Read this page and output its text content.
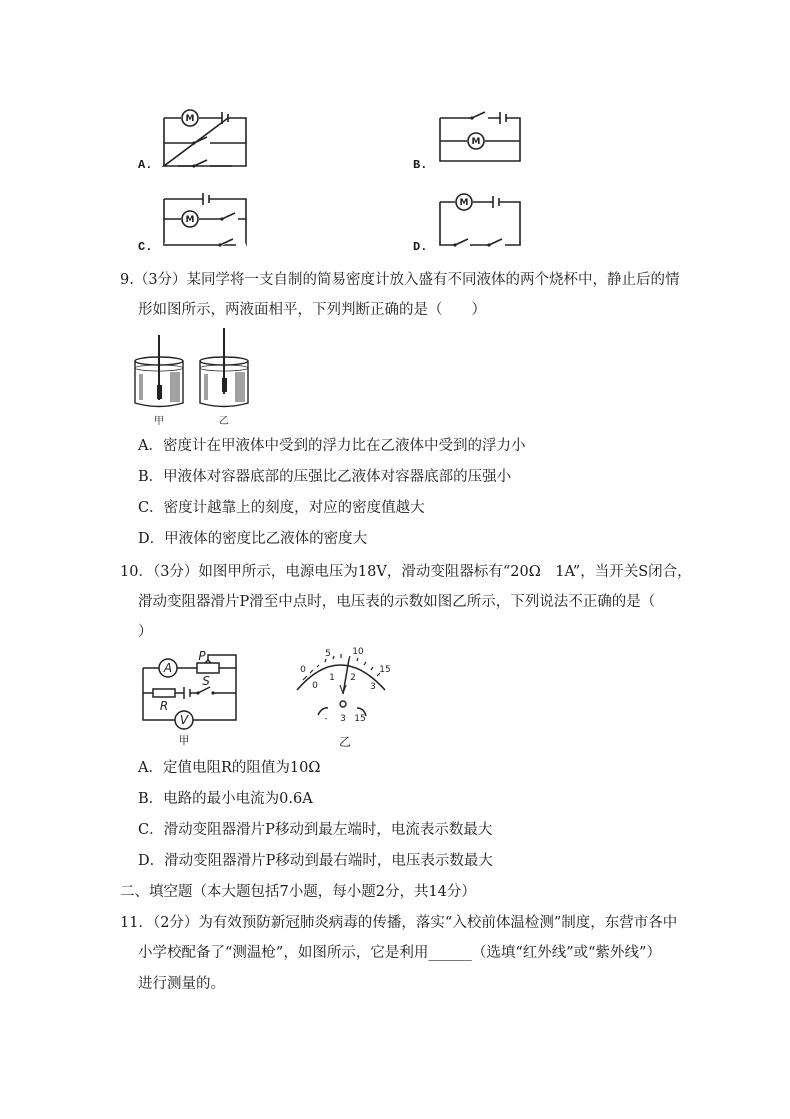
M
M
M
M
A.	B.
C.	D.
9.（3分）某同学将一支自制的简易密度计放入盛有不同液体的两个烧杯中，静止后的情
形如图所示，两液面相平，下列判断正确的是（　　）
甲	乙
A．密度计在甲液体中受到的浮力比在乙液体中受到的浮力小
B．甲液体对容器底部的压强比乙液体对容器底部的压强小
C．密度计越靠上的刻度，对应的密度值越大
D．甲液体的密度比乙液体的密度大
10．（3分）如图甲所示，电源电压为18V，滑动变阻器标有“20Ω　1A”，当开关S闭合，
滑动变阻器滑片P滑至中点时，电压表的示数如图乙所示，下列说法不正确的是（
）
A
V
P
S
R
甲
0
5 10
15
0
1 2
3
V
- 3 15
乙
A．定值电阻R的阻值为10Ω
B．电路的最小电流为0.6A
C．滑动变阻器滑片P移动到最左端时，电流表示数最大
D．滑动变阻器滑片P移动到最右端时，电压表示数最大
二、填空题（本大题包括7小题，每小题2分，共14分）
11．（2分）为有效预防新冠肺炎病毒的传播，落实“入校前体温检测”制度，东营市各中
小学校配备了“测温枪”，如图所示，它是利用______（选填“红外线”或“紫外线”）
进行测量的。
